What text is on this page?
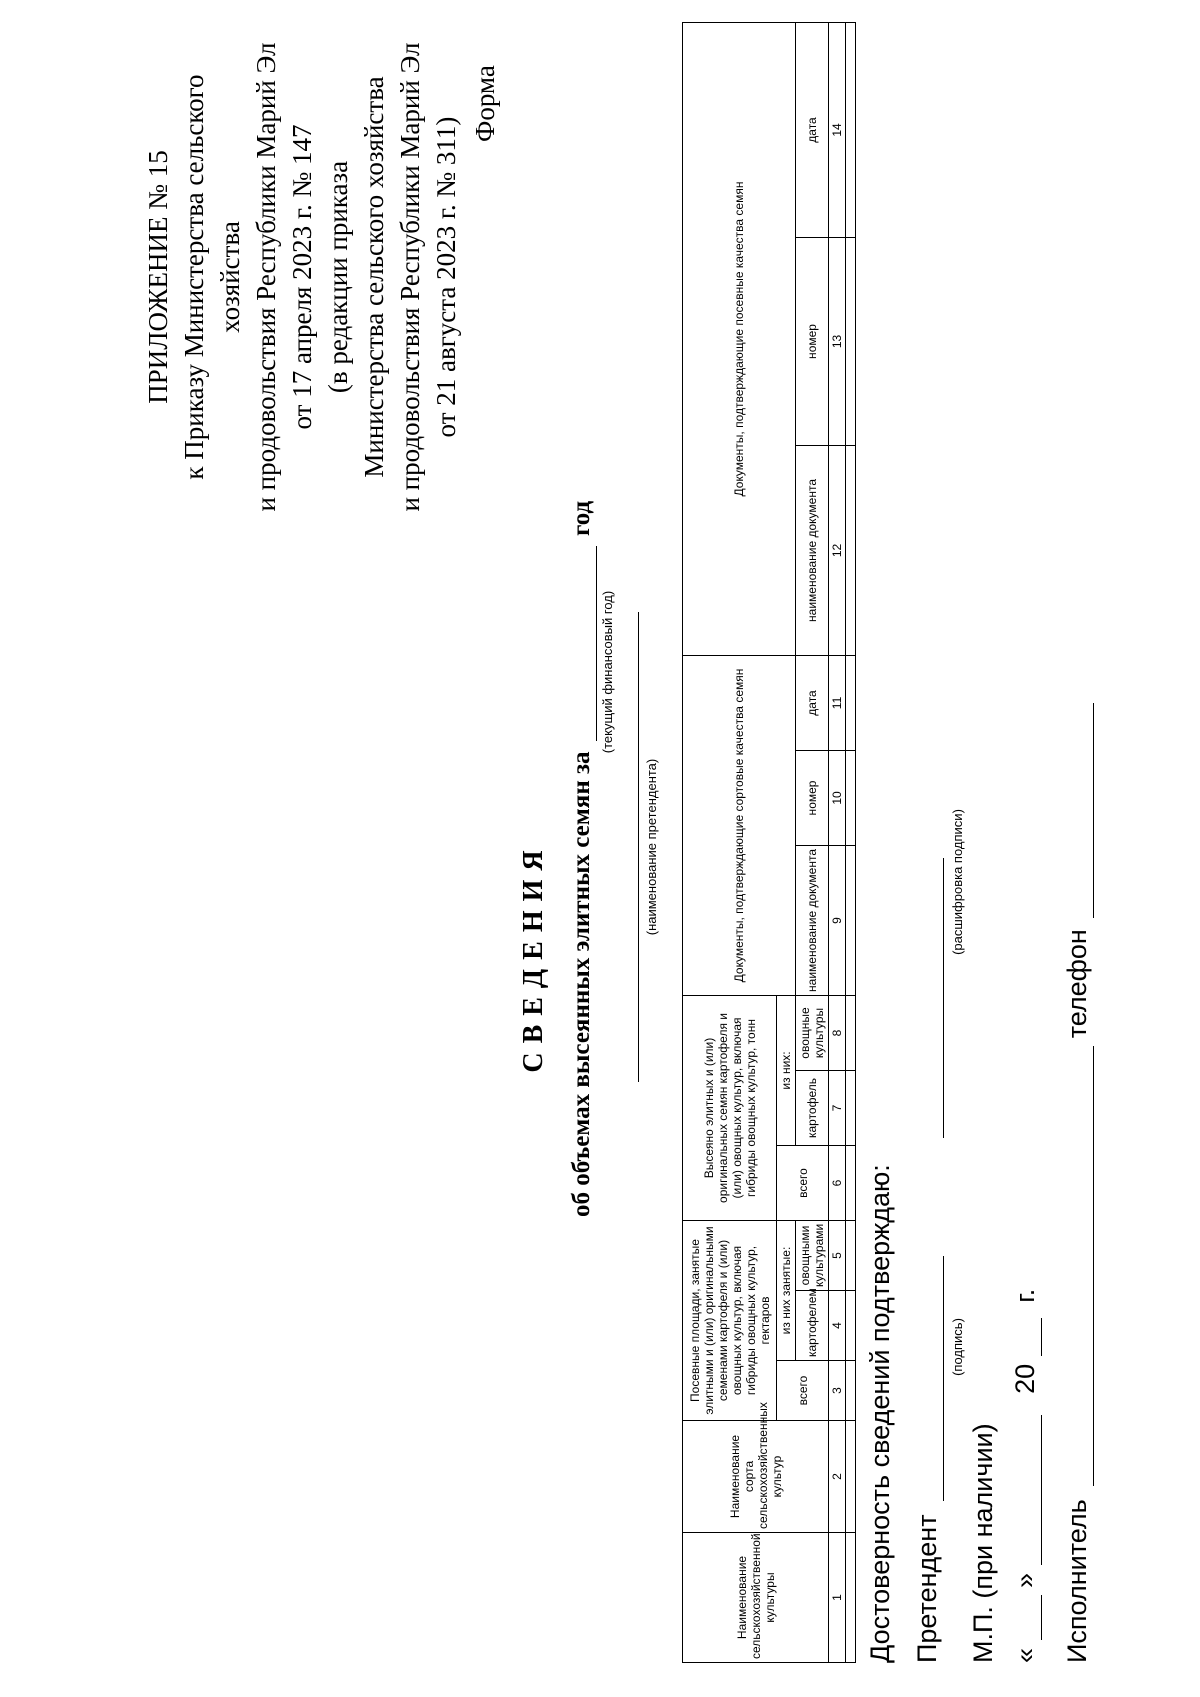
ПРИЛОЖЕНИЕ № 15 к Приказу Министерства сельского хозяйства и продовольствия Республики Марий Эл от 17 апреля 2023 г. № 147 (в редакции приказа Министерства сельского хозяйства и продовольствия Республики Марий Эл от 21 августа 2023 г. № 311)
Форма
СВЕДЕНИЯ об объемах высеянных элитных семян за   год
(текущий финансовый год)
(наименование претендента)
Наименование сельскохозяйственной культуры	Наименование сорта сельскохозяйственных культур	Посевные площади, занятые элитными и (или) оригинальными семенами картофеля и (или) овощных культур, включая гибриды овощных культур, гектаров			Высеяно элитных и (или) оригинальных семян картофеля и (или) овощных культур, включая гибриды овощных культур, тонн			Документы, подтверждающие сортовые качества семян			Документы, подтверждающие посевные качества семян		
		всего	из них занятые:		всего	из них:							
			картофелем	овощными культурами		картофель	овощные культуры	наименование документа	номер	дата	наименование документа	номер	дата
1	2	3	4	5	6	7	8	9	10	11	12	13	14

Достоверность сведений подтверждаю: Претендент
(подпись)
(расшифровка подписи)
М.П. (при наличии) «   »   20   г.
Исполнитель   телефон
